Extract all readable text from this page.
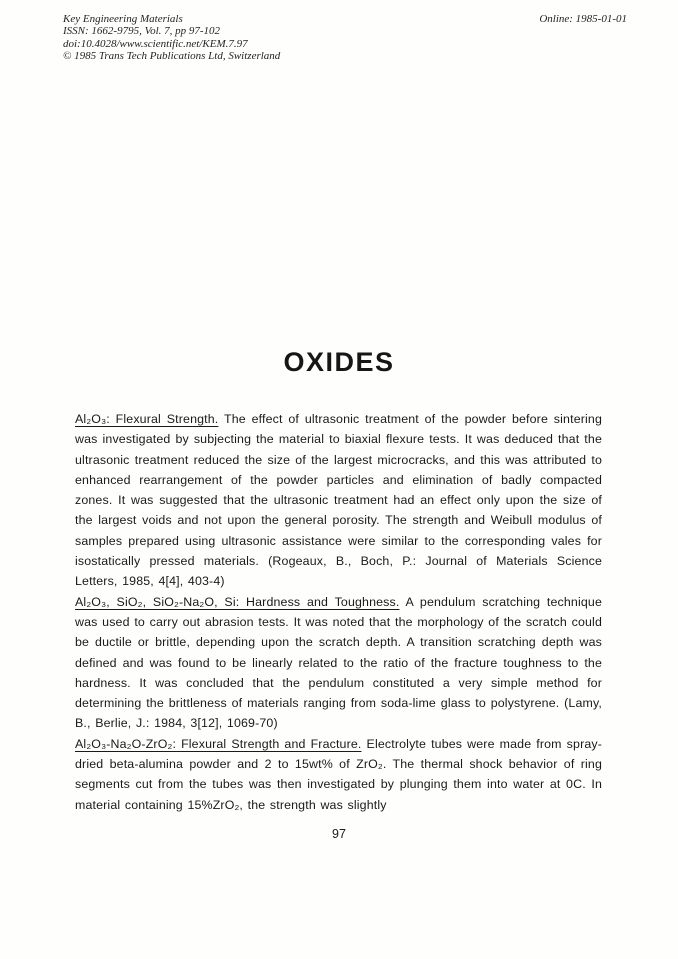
Key Engineering Materials
ISSN: 1662-9795, Vol. 7, pp 97-102
doi:10.4028/www.scientific.net/KEM.7.97
© 1985 Trans Tech Publications Ltd, Switzerland
Online: 1985-01-01
OXIDES

Al₂O₃: Flexural Strength. The effect of ultrasonic treatment of the powder before sintering was investigated by subjecting the material to biaxial flexure tests. It was deduced that the ultrasonic treatment reduced the size of the largest microcracks, and this was attributed to enhanced rearrangement of the powder particles and elimination of badly compacted zones. It was suggested that the ultrasonic treatment had an effect only upon the size of the largest voids and not upon the general porosity. The strength and Weibull modulus of samples prepared using ultrasonic assistance were similar to the corresponding vales for isostatically pressed materials. (Rogeaux, B., Boch, P.: Journal of Materials Science Letters, 1985, 4[4], 403-4)

Al₂O₃, SiO₂, SiO₂-Na₂O, Si: Hardness and Toughness. A pendulum scratching technique was used to carry out abrasion tests. It was noted that the morphology of the scratch could be ductile or brittle, depending upon the scratch depth. A transition scratching depth was defined and was found to be linearly related to the ratio of the fracture toughness to the hardness. It was concluded that the pendulum constituted a very simple method for determining the brittleness of materials ranging from soda-lime glass to polystyrene. (Lamy, B., Berlie, J.: 1984, 3[12], 1069-70)

Al₂O₃-Na₂O-ZrO₂: Flexural Strength and Fracture. Electrolyte tubes were made from spray-dried beta-alumina powder and 2 to 15wt% of ZrO₂. The thermal shock behavior of ring segments cut from the tubes was then investigated by plunging them into water at 0C. In material containing 15%ZrO₂, the strength was slightly

97
